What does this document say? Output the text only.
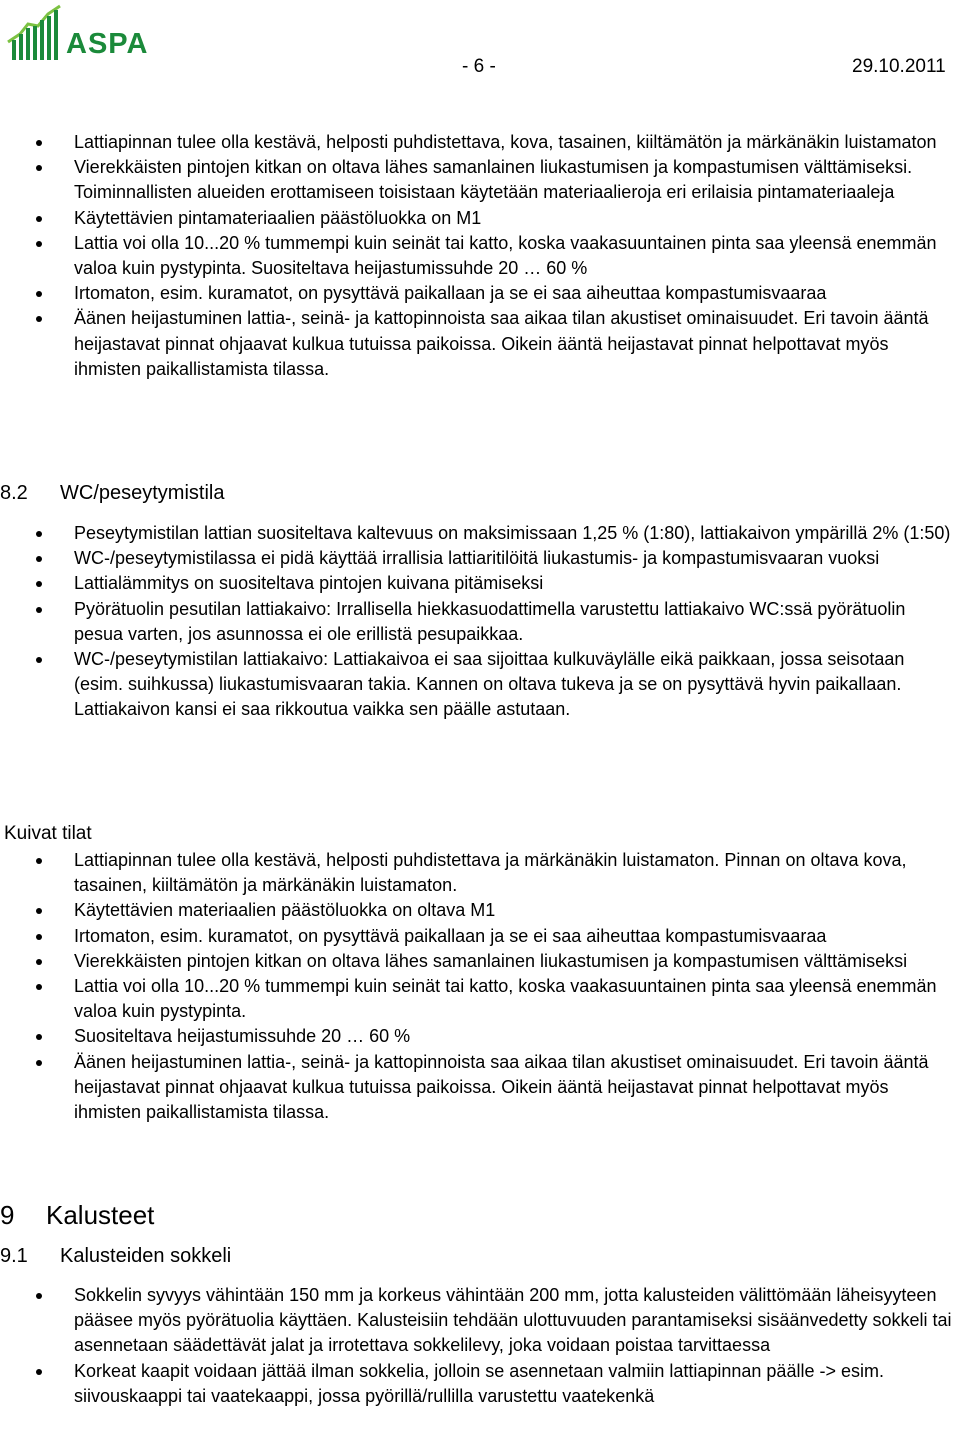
ASPA
- 6 -	29.10.2011
Lattiapinnan tulee olla kestävä, helposti puhdistettava, kova, tasainen, kiiltämätön ja märkänäkin luistamaton
Vierekkäisten pintojen kitkan on oltava lähes samanlainen liukastumisen ja kompastumisen välttämiseksi. Toiminnallisten alueiden erottamiseen toisistaan käytetään materiaalieroja eri erilaisia pintamateriaaleja
Käytettävien pintamateriaalien päästöluokka on M1
Lattia voi olla 10...20 % tummempi kuin seinät tai katto, koska vaakasuuntainen pinta saa yleensä enemmän valoa kuin pystypinta. Suositeltava heijastumissuhde 20 … 60 %
Irtomaton, esim. kuramatot, on pysyttävä paikallaan ja se ei saa aiheuttaa kompastumisvaaraa
Äänen heijastuminen lattia-, seinä- ja kattopinnoista saa aikaa tilan akustiset ominaisuudet. Eri tavoin ääntä heijastavat pinnat ohjaavat kulkua tutuissa paikoissa. Oikein ääntä heijastavat pinnat helpottavat myös ihmisten paikallistamista tilassa.
8.2 WC/peseytymistila
Peseytymistilan lattian suositeltava kaltevuus on maksimissaan 1,25 % (1:80), lattiakaivon ympärillä 2% (1:50)
WC-/peseytymistilassa ei pidä käyttää irrallisia lattiaritilöitä liukastumis- ja kompastumisvaaran vuoksi
Lattialämmitys on suositeltava pintojen kuivana pitämiseksi
Pyörätuolin pesutilan lattiakaivo: Irrallisella hiekkasuodattimella varustettu lattiakaivo WC:ssä pyörätuolin pesua varten, jos asunnossa ei ole erillistä pesupaikkaa.
WC-/peseytymistilan lattiakaivo: Lattiakaivoa ei saa sijoittaa kulkuväylälle eikä paikkaan, jossa seisotaan (esim. suihkussa) liukastumisvaaran takia. Kannen on oltava tukeva ja se on pysyttävä hyvin paikallaan. Lattiakaivon kansi ei saa rikkoutua vaikka sen päälle astutaan.
Kuivat tilat
Lattiapinnan tulee olla kestävä, helposti puhdistettava ja märkänäkin luistamaton. Pinnan on oltava kova, tasainen, kiiltämätön ja märkänäkin luistamaton.
Käytettävien materiaalien päästöluokka on oltava M1
Irtomaton, esim. kuramatot, on pysyttävä paikallaan ja se ei saa aiheuttaa kompastumisvaaraa
Vierekkäisten pintojen kitkan on oltava lähes samanlainen liukastumisen ja kompastumisen välttämiseksi
Lattia voi olla 10...20 % tummempi kuin seinät tai katto, koska vaakasuuntainen pinta saa yleensä enemmän valoa kuin pystypinta.
Suositeltava heijastumissuhde 20 … 60 %
Äänen heijastuminen lattia-, seinä- ja kattopinnoista saa aikaa tilan akustiset ominaisuudet. Eri tavoin ääntä heijastavat pinnat ohjaavat kulkua tutuissa paikoissa. Oikein ääntä heijastavat pinnat helpottavat myös ihmisten paikallistamista tilassa.
9 Kalusteet
9.1 Kalusteiden sokkeli
Sokkelin syvyys vähintään 150 mm ja korkeus vähintään 200 mm, jotta kalusteiden välittömään läheisyyteen pääsee myös pyörätuolia käyttäen. Kalusteisiin tehdään ulottuvuuden parantamiseksi sisäänvedetty sokkeli tai asennetaan säädettävät jalat ja irrotettava sokkelilevy, joka voidaan poistaa tarvittaessa
Korkeat kaapit voidaan jättää ilman sokkelia, jolloin se asennetaan valmiin lattiapinnan päälle -> esim. siivouskaappi tai vaatekaappi, jossa pyörillä/rullilla varustettu vaatekenkä
